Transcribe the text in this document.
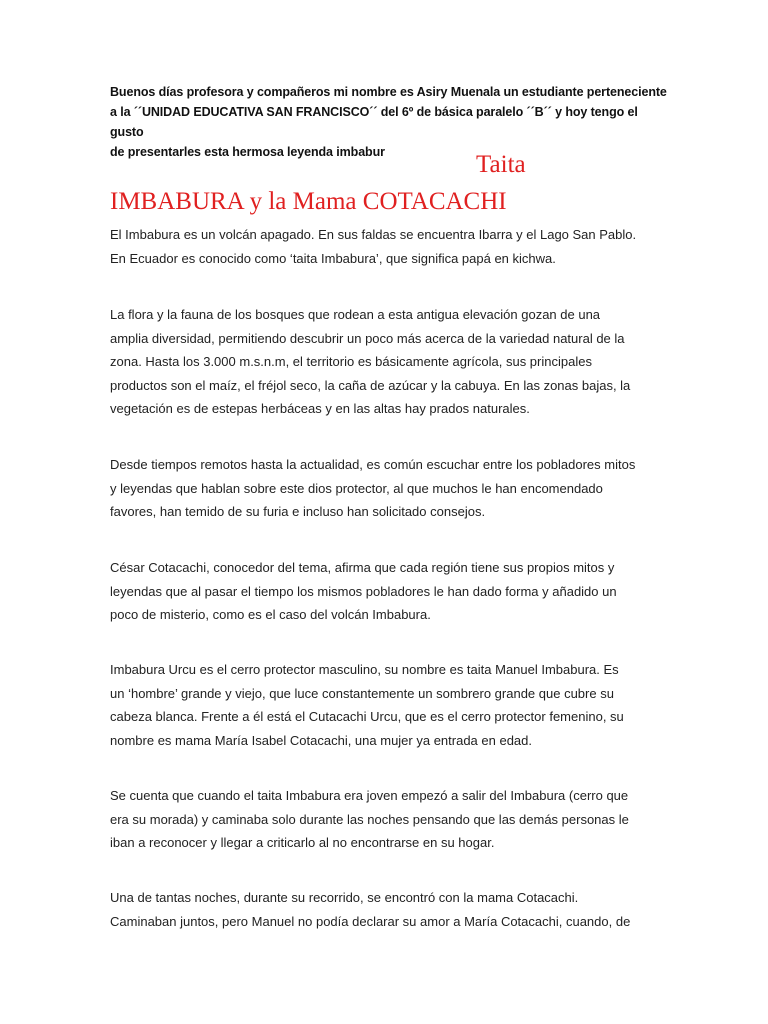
Buenos días profesora y compañeros mi nombre es Asiry Muenala un estudiante perteneciente
a la ´´UNIDAD EDUCATIVA SAN FRANCISCO´´ del 6º de básica paralelo ´´B´´ y hoy tengo el gusto
de presentarles esta hermosa leyenda imbabur	Taita
IMBABURA y la Mama COTACACHI
El Imbabura es un volcán apagado. En sus faldas se encuentra Ibarra y el Lago San Pablo.
En Ecuador es conocido como ‘taita Imbabura’, que significa papá en kichwa.
La flora y la fauna de los bosques que rodean a esta antigua elevación gozan de una
amplia diversidad, permitiendo descubrir un poco más acerca de la variedad natural de la
zona. Hasta los 3.000 m.s.n.m, el territorio es básicamente agrícola, sus principales
productos son el maíz, el fréjol seco, la caña de azúcar y la cabuya. En las zonas bajas, la
vegetación es de estepas herbáceas y en las altas hay prados naturales.
Desde tiempos remotos hasta la actualidad, es común escuchar entre los pobladores mitos
y leyendas que hablan sobre este dios protector, al que muchos le han encomendado
favores, han temido de su furia e incluso han solicitado consejos.
César Cotacachi, conocedor del tema, afirma que cada región tiene sus propios mitos y
leyendas que al pasar el tiempo los mismos pobladores le han dado forma y añadido un
poco de misterio, como es el caso del volcán Imbabura.
Imbabura Urcu es el cerro protector masculino, su nombre es taita Manuel Imbabura. Es
un ‘hombre’ grande y viejo, que luce constantemente un sombrero grande que cubre su
cabeza blanca. Frente a él está el Cutacachi Urcu, que es el cerro protector femenino, su
nombre es mama María Isabel Cotacachi, una mujer ya entrada en edad.
Se cuenta que cuando el taita Imbabura era joven empezó a salir del Imbabura (cerro que
era su morada) y caminaba solo durante las noches pensando que las demás personas le
iban a reconocer y llegar a criticarlo al no encontrarse en su hogar.
Una de tantas noches, durante su recorrido, se encontró con la mama Cotacachi.
Caminaban juntos, pero Manuel no podía declarar su amor a María Cotacachi, cuando, de
